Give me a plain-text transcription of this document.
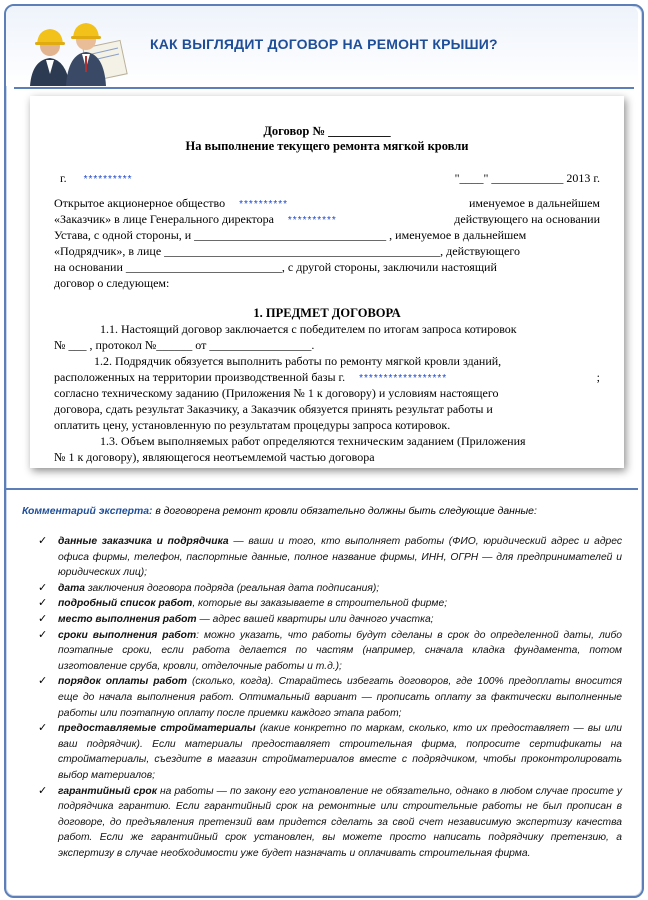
КАК ВЫГЛЯДИТ ДОГОВОР НА РЕМОНТ КРЫШИ?
Договор № __________
На выполнение текущего ремонта мягкой кровли
г. **********	"____" ____________ 2013 г.
Открытое акционерное общество **********	именуемое в дальнейшем
«Заказчик» в лице Генерального директора **********	действующего на основании
Устава, с одной стороны, и ________________________________ , именуемое в дальнейшем
«Подрядчик», в лице ______________________________________________, действующего
на основании __________________________, с другой стороны, заключили настоящий
договор о следующем:
1. ПРЕДМЕТ ДОГОВОРА
1.1. Настоящий договор заключается с победителем по итогам запроса котировок
№ ___ , протокол №______ от _________________.
1.2. Подрядчик обязуется выполнить работы по ремонту мягкой кровли зданий,
расположенных на территории производственной базы г. ******************	;
согласно техническому заданию (Приложения № 1 к договору) и условиям настоящего
договора, сдать результат Заказчику, а Заказчик обязуется принять результат работы и
оплатить цену, установленную по результатам процедуры запроса котировок.
1.3. Объем выполняемых работ определяются техническим заданием (Приложения
№ 1 к договору), являющегося неотъемлемой частью договора
Комментарий эксперта: в договорена ремонт кровли обязательно должны быть следующие данные:
✓ данные заказчика и подрядчика — ваши и того, кто выполняет работы (ФИО, юридический адрес и адрес офиса фирмы, телефон, паспортные данные, полное название фирмы, ИНН, ОГРН — для предпринимателей и юридических лиц);
✓ дата заключения договора подряда (реальная дата подписания);
✓ подробный список работ, которые вы заказываете в строительной фирме;
✓ место выполнения работ — адрес вашей квартиры или дачного участка;
✓ сроки выполнения работ: можно указать, что работы будут сделаны в срок до определенной даты, либо поэтапные сроки, если работа делается по частям (например, сначала кладка фундамента, потом изготовление сруба, кровли, отделочные работы и т.д.);
✓ порядок оплаты работ (сколько, когда). Старайтесь избегать договоров, где 100% предоплаты вносится еще до начала выполнения работ. Оптимальный вариант — прописать оплату за фактически выполненные работы или поэтапную оплату после приемки каждого этапа работ;
✓ предоставляемые стройматериалы (какие конкретно по маркам, сколько, кто их предоставляет — вы или ваш подрядчик). Если материалы предоставляет строительная фирма, попросите сертификаты на стройматериалы, съездите в магазин стройматериалов вместе с подрядчиком, чтобы проконтролировать выбор материалов;
✓ гарантийный срок на работы — по закону его установление не обязательно, однако в любом случае просите у подрядчика гарантию. Если гарантийный срок на ремонтные или строительные работы не был прописан в договоре, до предъявления претензий вам придется сделать за свой счет независимую экспертизу качества работ. Если же гарантийный срок установлен, вы можете просто написать подрядчику претензию, а экспертизу в случае необходимости уже будет назначать и оплачивать строительная фирма.
